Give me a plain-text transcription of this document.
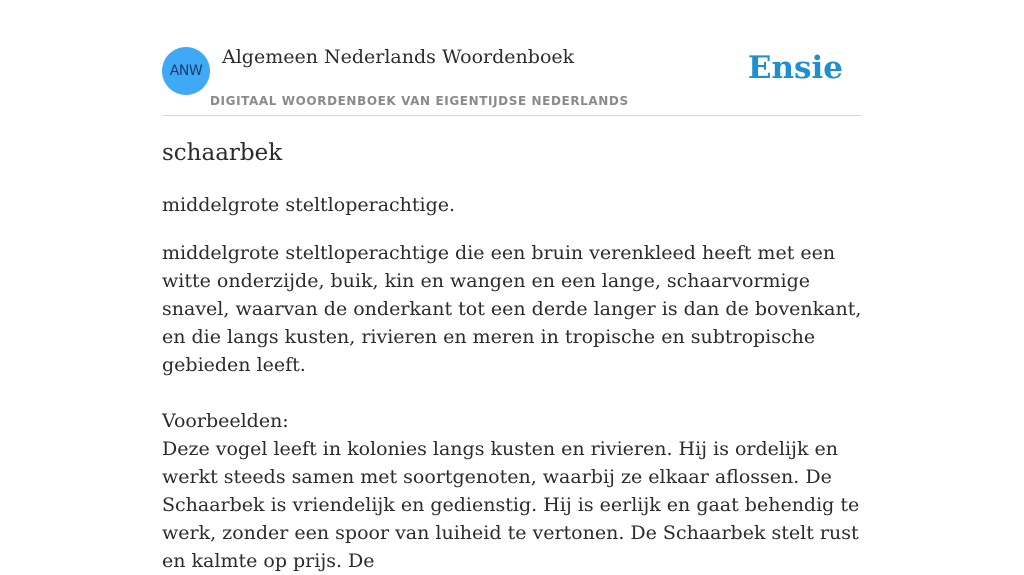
ANW
Algemeen Nederlands Woordenboek
DIGITAAL WOORDENBOEK VAN EIGENTIJDSE NEDERLANDS
Ensie
schaarbek
middelgrote steltloperachtige.

middelgrote steltloperachtige die een bruin verenkleed heeft met een witte onderzijde, buik, kin en wangen en een lange, schaarvormige snavel, waarvan de onderkant tot een derde langer is dan de bovenkant, en die langs kusten, rivieren en meren in tropische en subtropische gebieden leeft.

Voorbeelden:

Deze vogel leeft in kolonies langs kusten en rivieren. Hij is ordelijk en werkt steeds samen met soortgenoten, waarbij ze elkaar aflossen. De Schaarbek is vriendelijk en gedienstig. Hij is eerlijk en gaat behendig te werk, zonder een spoor van luiheid te vertonen. De Schaarbek stelt rust en kalmte op prijs. De
